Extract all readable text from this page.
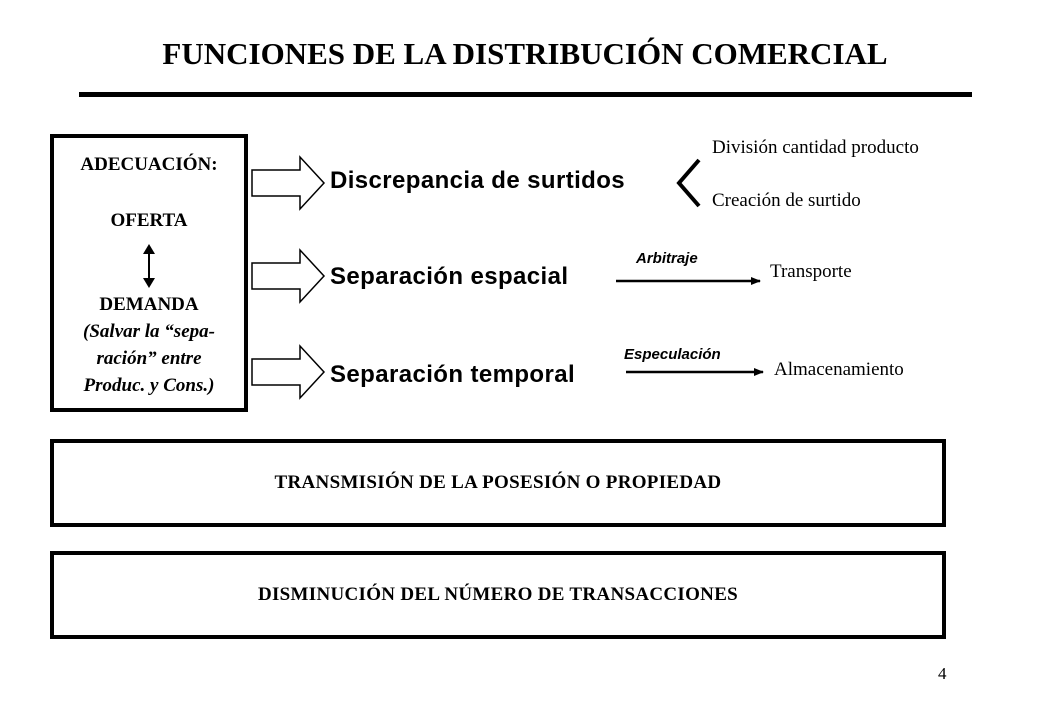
FUNCIONES DE LA DISTRIBUCIÓN COMERCIAL
ADECUACIÓN:
OFERTA
DEMANDA
(Salvar la “sepa-
ración” entre
Produc. y Cons.)
Discrepancia de surtidos
Separación espacial
Separación temporal
División cantidad producto
Creación de surtido
Arbitraje
Transporte
Especulación
Almacenamiento
TRANSMISIÓN DE LA POSESIÓN O PROPIEDAD
DISMINUCIÓN DEL NÚMERO DE TRANSACCIONES
4
